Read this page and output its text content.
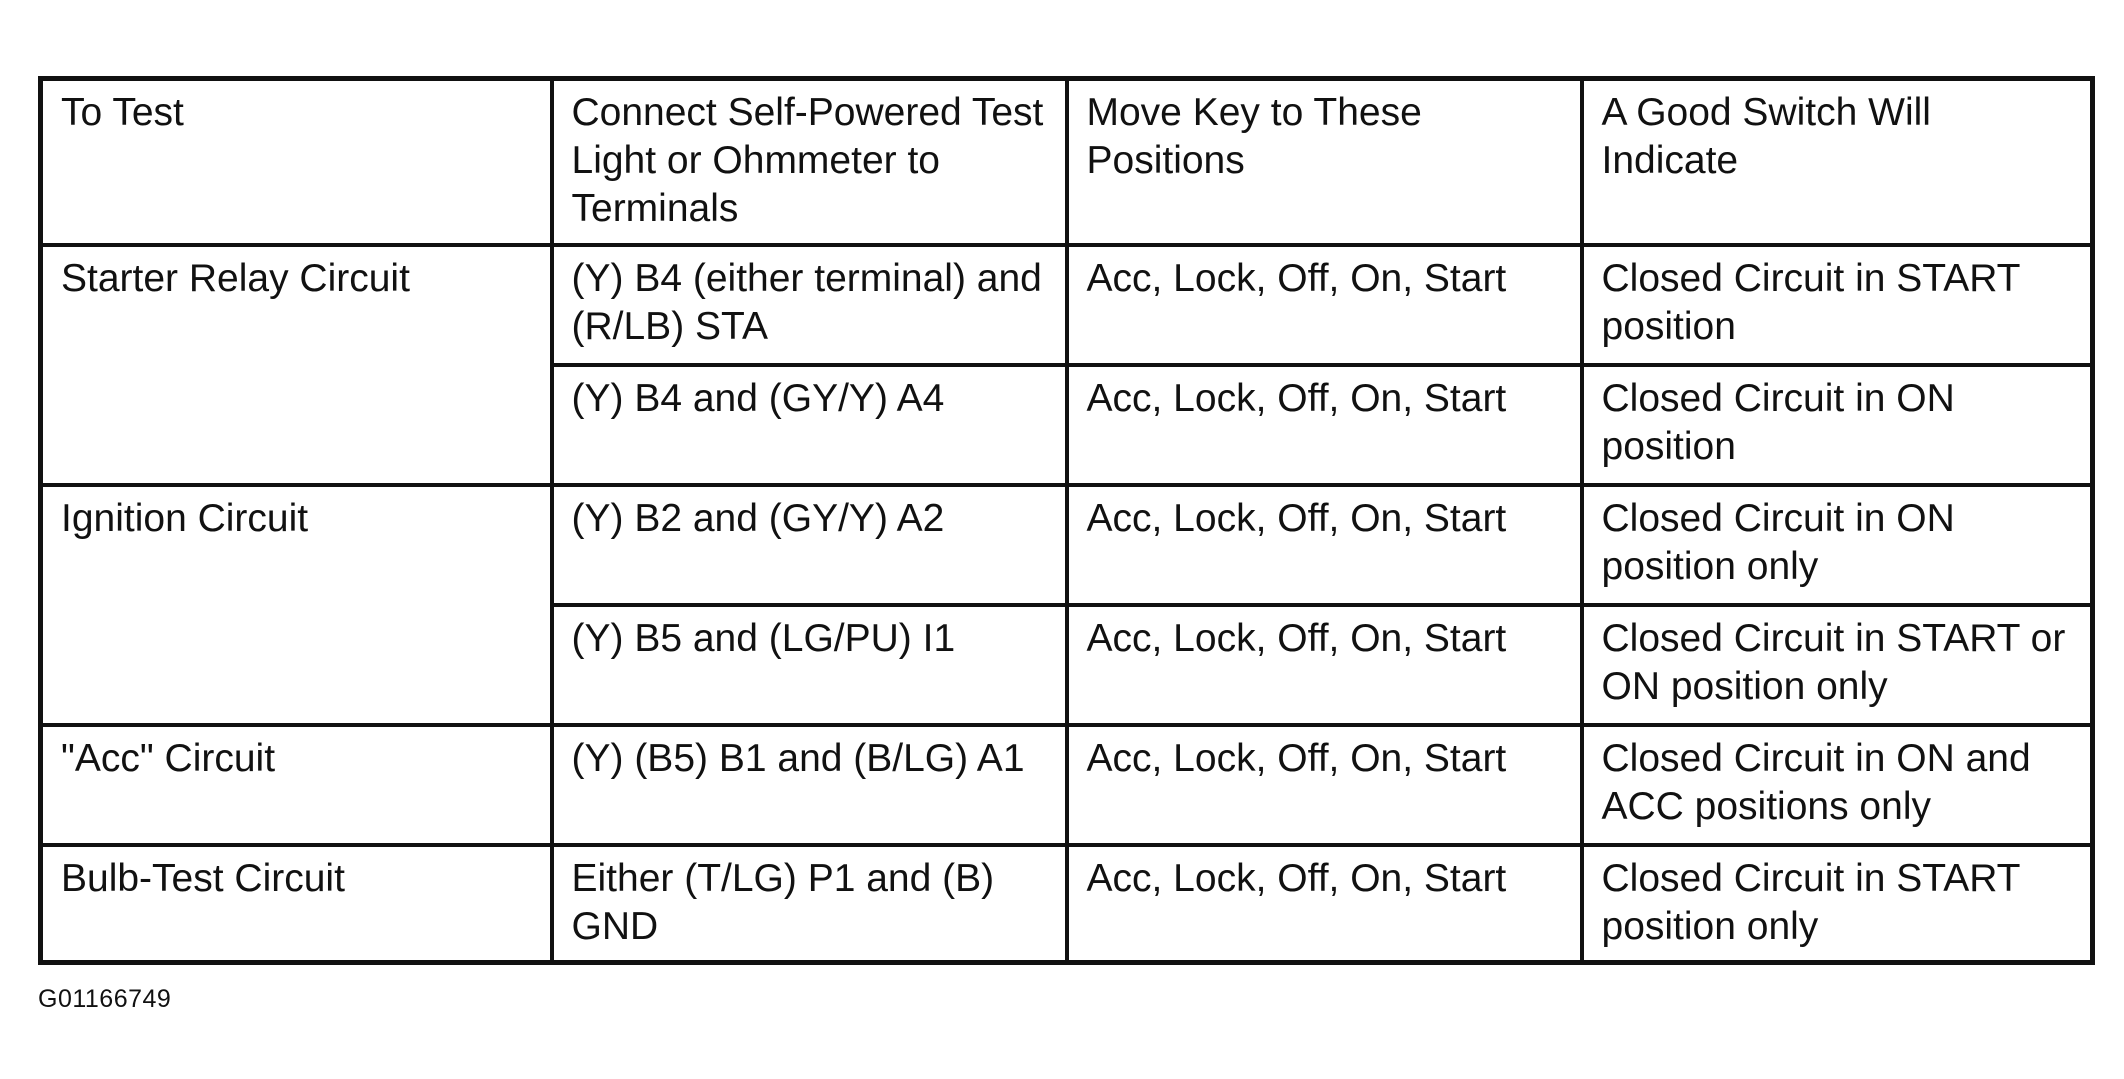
To Test	Connect Self-Powered Test Light or Ohmmeter to Terminals	Move Key to These Positions	A Good Switch Will Indicate
Starter Relay Circuit	(Y) B4 (either terminal) and (R/LB) STA	Acc, Lock, Off, On, Start	Closed Circuit in START position
	(Y) B4 and (GY/Y) A4	Acc, Lock, Off, On, Start	Closed Circuit in ON position
Ignition Circuit	(Y) B2 and (GY/Y) A2	Acc, Lock, Off, On, Start	Closed Circuit in ON position only
	(Y) B5 and (LG/PU) I1	Acc, Lock, Off, On, Start	Closed Circuit in START or ON position only
"Acc" Circuit	(Y) (B5) B1 and (B/LG) A1	Acc, Lock, Off, On, Start	Closed Circuit in ON and ACC positions only
Bulb-Test Circuit	Either (T/LG) P1 and (B) GND	Acc, Lock, Off, On, Start	Closed Circuit in START position only
G01166749
